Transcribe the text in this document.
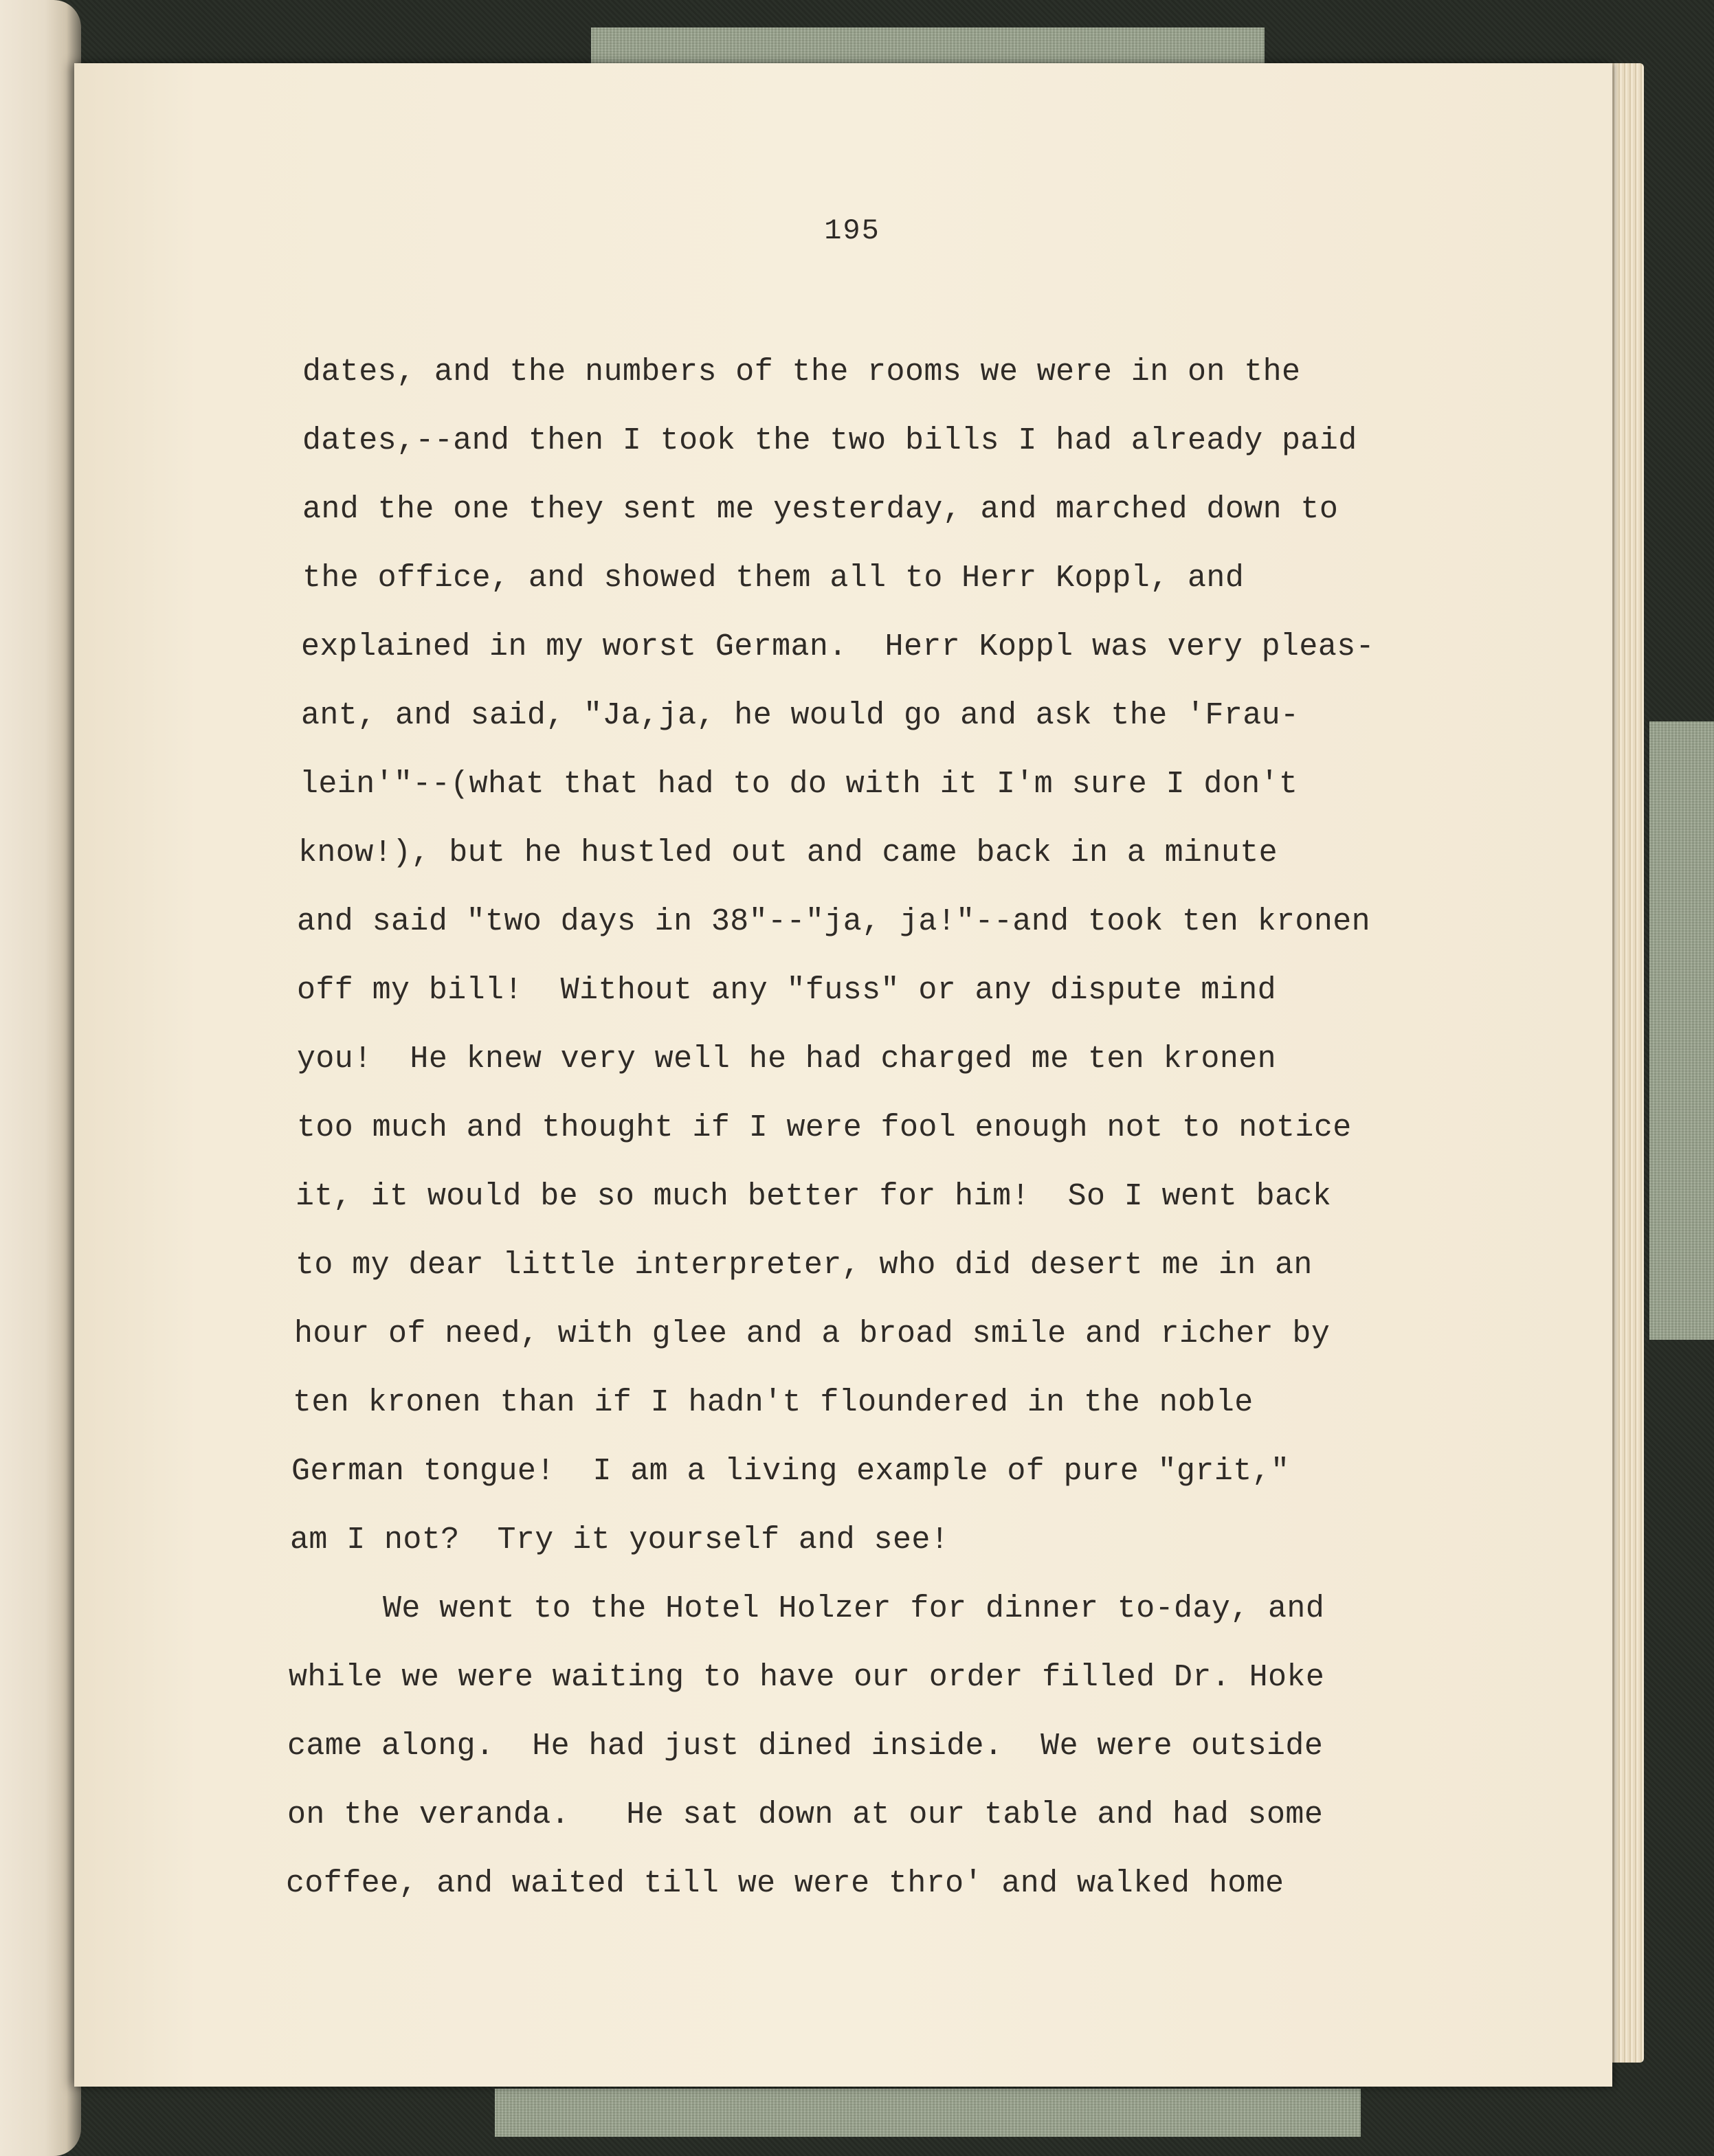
195

dates, and the numbers of the rooms we were in on the

dates,--and then I took the two bills I had already paid

and the one they sent me yesterday, and marched down to

the office, and showed them all to Herr Koppl, and

explained in my worst German.  Herr Koppl was very pleas-

ant, and said, "Ja,ja, he would go and ask the 'Frau-

lein'"--(what that had to do with it I'm sure I don't

know!), but he hustled out and came back in a minute

and said "two days in 38"--"ja, ja!"--and took ten kronen

off my bill!  Without any "fuss" or any dispute mind

you!  He knew very well he had charged me ten kronen

too much and thought if I were fool enough not to notice

it, it would be so much better for him!  So I went back

to my dear little interpreter, who did desert me in an

hour of need, with glee and a broad smile and richer by

ten kronen than if I hadn't floundered in the noble

German tongue!  I am a living example of pure "grit,"

am I not?  Try it yourself and see!

We went to the Hotel Holzer for dinner to-day, and

while we were waiting to have our order filled Dr. Hoke

came along.  He had just dined inside.  We were outside

on the veranda.   He sat down at our table and had some

coffee, and waited till we were thro' and walked home
